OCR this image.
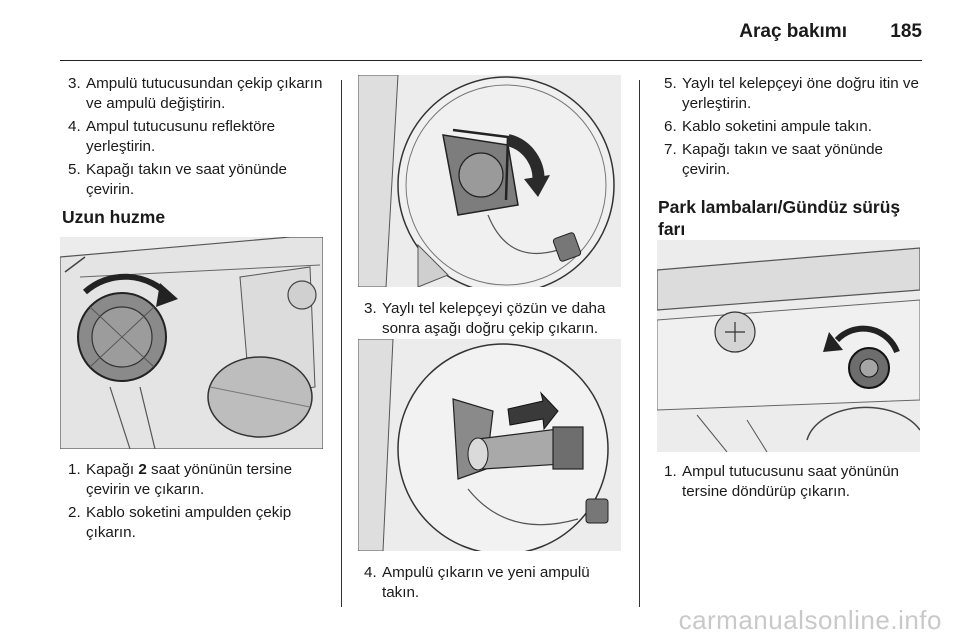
Araç bakımı 185
3. Ampulü tutucusundan çekip çıkarın ve ampulü değiştirin.
4. Ampul tutucusunu reflektöre yerleştirin.
5. Kapağı takın ve saat yönünde çevirin.
Uzun huzme
1. Kapağı 2 saat yönünün tersine çevirin ve çıkarın.
2. Kablo soketini ampulden çekip çıkarın.
3. Yaylı tel kelepçeyi çözün ve daha sonra aşağı doğru çekip çıkarın.
4. Ampulü çıkarın ve yeni ampulü takın.
5. Yaylı tel kelepçeyi öne doğru itin ve yerleştirin.
6. Kablo soketini ampule takın.
7. Kapağı takın ve saat yönünde çevirin.
Park lambaları/Gündüz sürüş farı
1. Ampul tutucusunu saat yönünün tersine döndürüp çıkarın.
carmanualsonline.info
